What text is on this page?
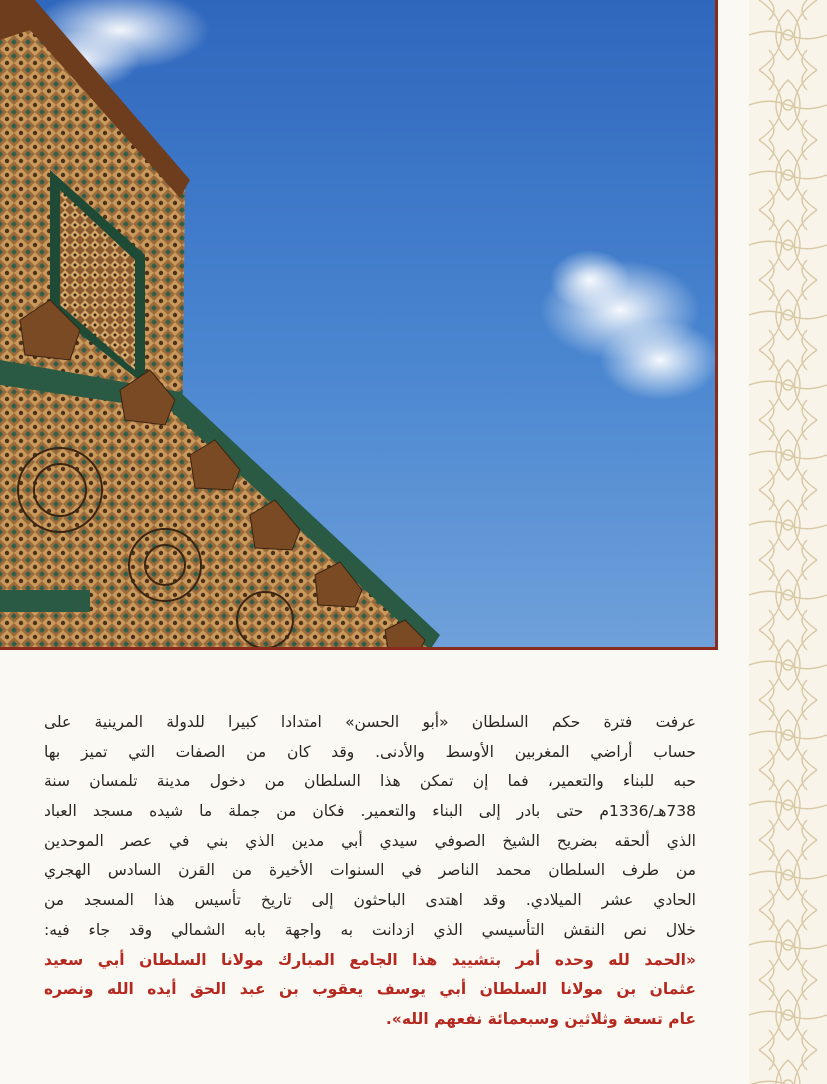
عرفت فترة حكم السلطان «أبو الحسن» امتدادا كبيرا للدولة المرينية على
حساب أراضي المغربين الأوسط والأدنى. وقد كان من الصفات التي تميز بها
حبه للبناء والتعمير، فما إن تمكن هذا السلطان من دخول مدينة تلمسان سنة
738هـ/1336م حتى بادر إلى البناء والتعمير. فكان من جملة ما شيده مسجد العباد
الذي ألحقه بضريح الشيخ الصوفي سيدي أبي مدين الذي بني في عصر الموحدين
من طرف السلطان محمد الناصر في السنوات الأخيرة من القرن السادس الهجري
الحادي عشر الميلادي. وقد اهتدى الباحثون إلى تاريخ تأسيس هذا المسجد من
خلال نص النقش التأسيسي الذي ازدانت به واجهة بابه الشمالي وقد جاء فيه:
«الحمد لله وحده أمر بتشييد هذا الجامع المبارك مولانا السلطان أبي سعيد
عثمان بن مولانا السلطان أبي يوسف يعقوب بن عبد الحق أيده الله ونصره
عام تسعة وثلاثين وسبعمائة نفعهم الله».
